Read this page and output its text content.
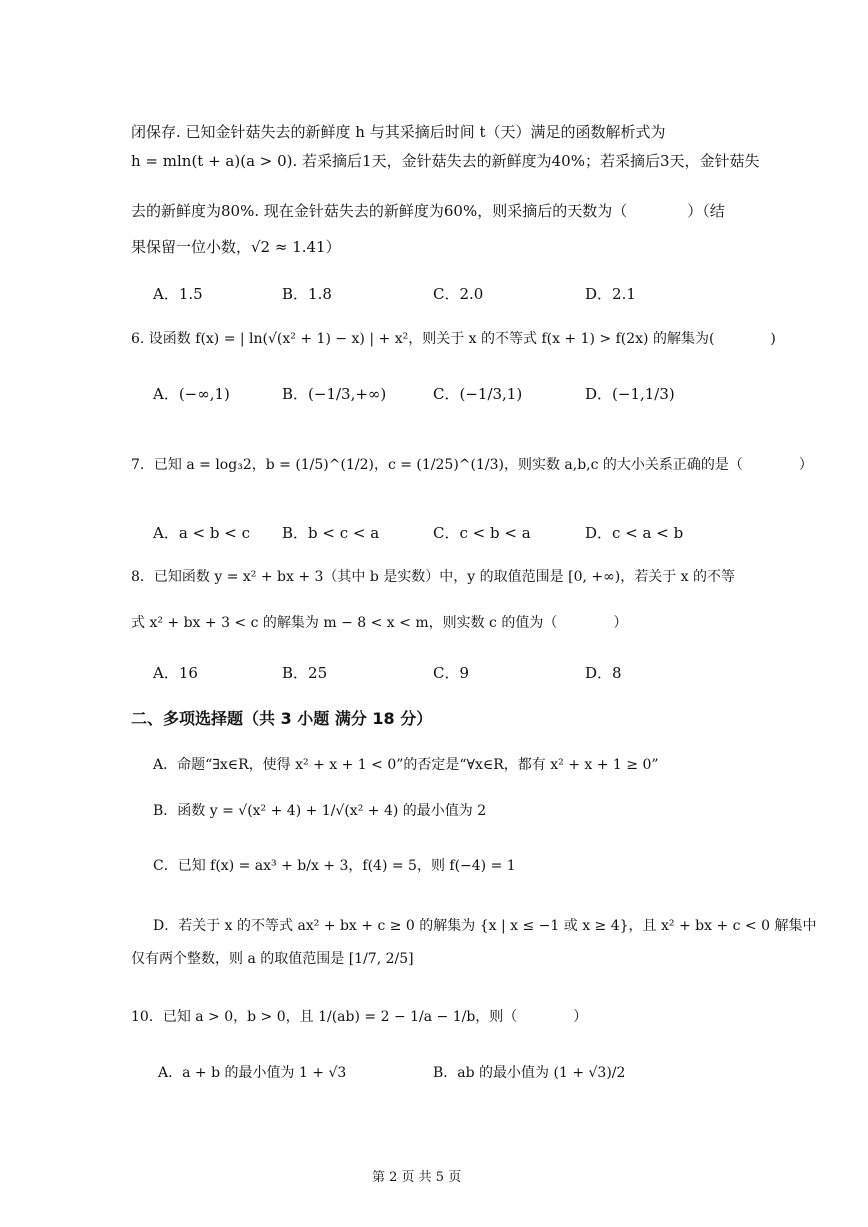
闭保存. 已知金针菇失去的新鲜度 h 与其采摘后时间 t（天）满足的函数解析式为
h = mln(t + a)(a > 0). 若采摘后1天，金针菇失去的新鲜度为40%；若采摘后3天，金针菇失
去的新鲜度为80%. 现在金针菇失去的新鲜度为60%，则采摘后的天数为（　　　　）（结
果保留一位小数，√2 ≈ 1.41）
A．1.5	B．1.8	C．2.0	D．2.1
6. 设函数 f(x) = | ln(√(x² + 1) − x) | + x²，则关于 x 的不等式 f(x + 1) > f(2x) 的解集为(　　　　)
A．(−∞,1)	B．(−1/3,+∞)	C．(−1/3,1)	D．(−1,1/3)
7．已知 a = log₃2，b = (1/5)^(1/2)，c = (1/25)^(1/3)，则实数 a,b,c 的大小关系正确的是（　　　　）
A．a < b < c B．b < c < a	C．c < b < a	D．c < a < b
8．已知函数 y = x² + bx + 3（其中 b 是实数）中，y 的取值范围是 [0, +∞)，若关于 x 的不等
式 x² + bx + 3 < c 的解集为 m − 8 < x < m，则实数 c 的值为（　　　　）
A．16	B．25	C．9	D．8
二、多项选择题（共 3 小题 满分 18 分）
A．命题“∃x∈R，使得 x² + x + 1 < 0”的否定是“∀x∈R，都有 x² + x + 1 ≥ 0”
B．函数 y = √(x² + 4) + 1/√(x² + 4) 的最小值为 2
C．已知 f(x) = ax³ + b/x + 3，f(4) = 5，则 f(−4) = 1
D．若关于 x 的不等式 ax² + bx + c ≥ 0 的解集为 {x | x ≤ −1 或 x ≥ 4}，且 x² + bx + c < 0 解集中
仅有两个整数，则 a 的取值范围是 [1/7, 2/5]
10．已知 a > 0，b > 0，且 1/(ab) = 2 − 1/a − 1/b，则（　　　　）
A．a + b 的最小值为 1 + √3	B．ab 的最小值为 (1 + √3)/2
第 2 页 共 5 页
